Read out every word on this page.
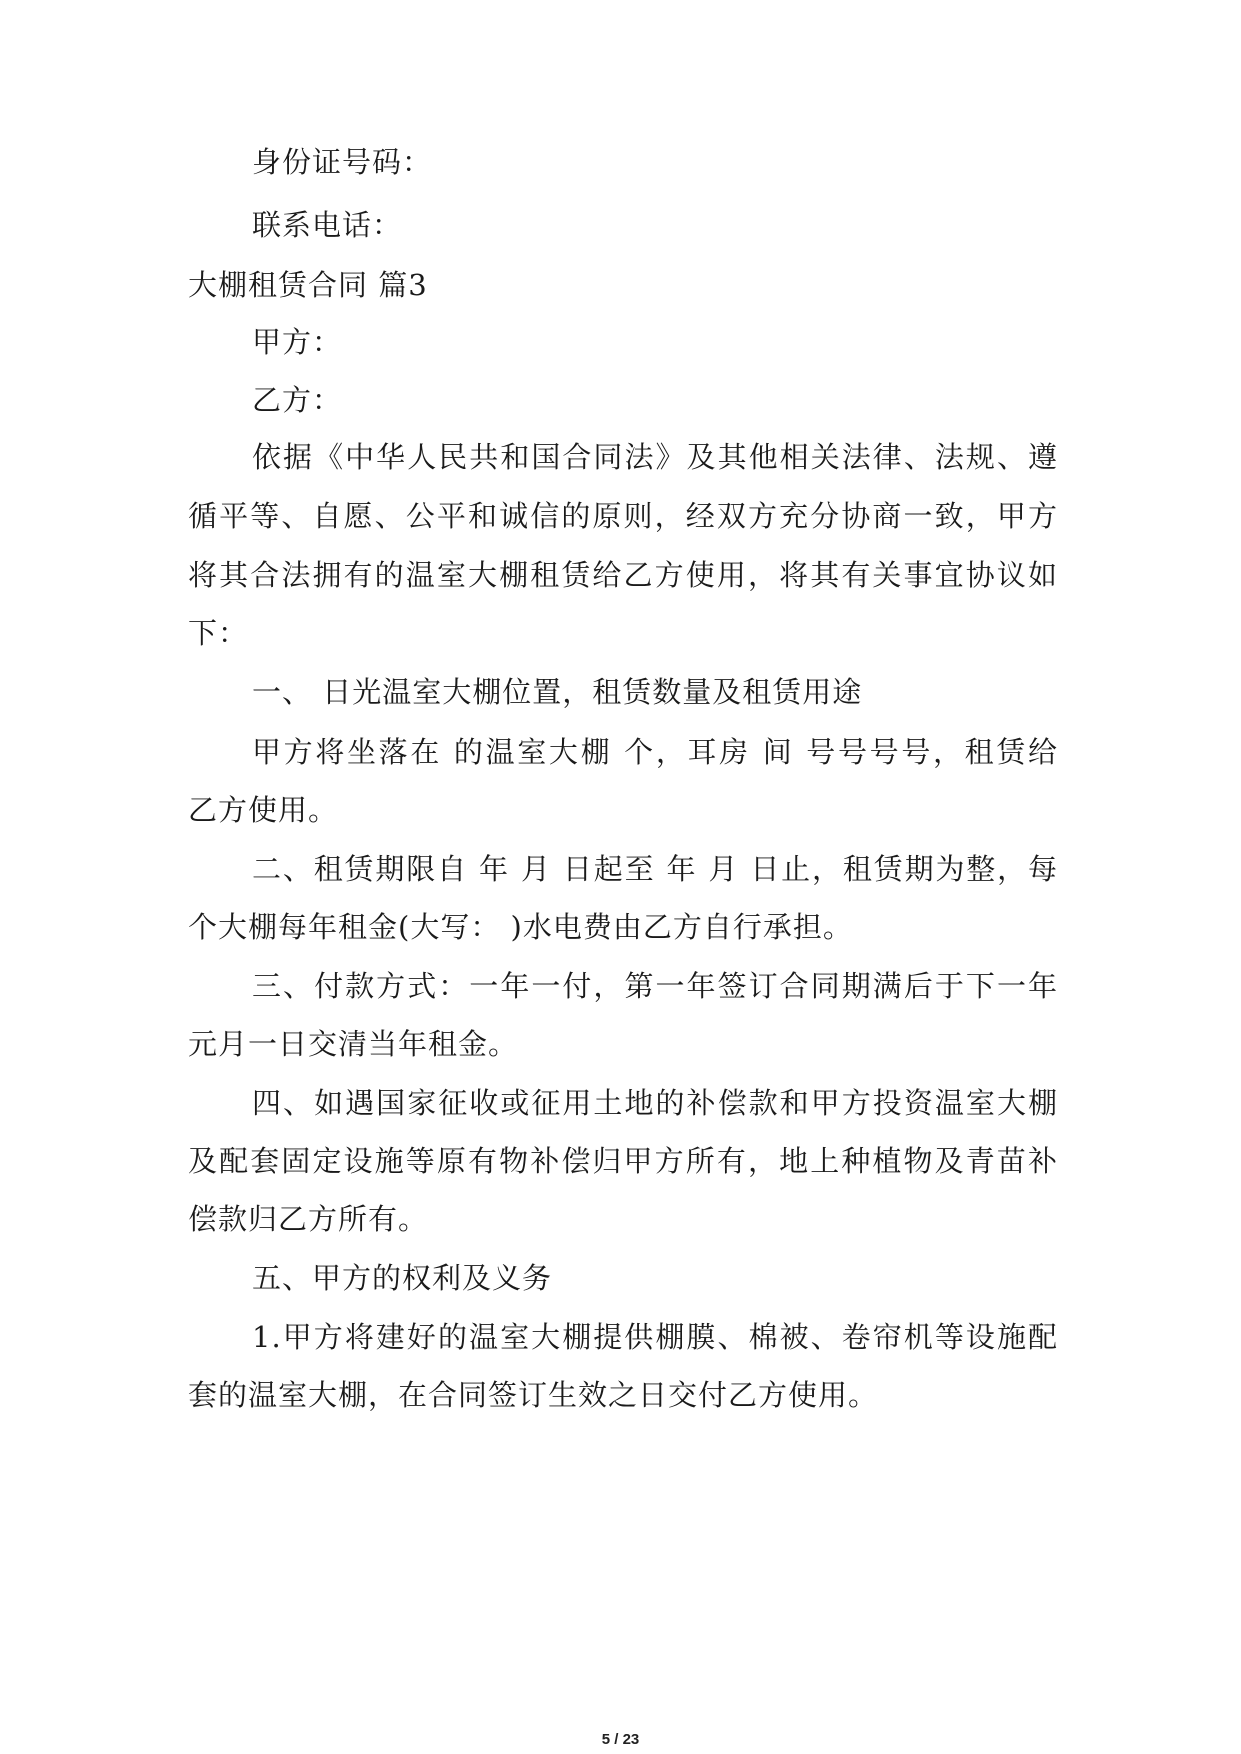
身份证号码：
联系电话：
大棚租赁合同 篇3
甲方：
乙方：
依据《中华人民共和国合同法》及其他相关法律、法规、遵
循平等、自愿、公平和诚信的原则，经双方充分协商一致，甲方
将其合法拥有的温室大棚租赁给乙方使用，将其有关事宜协议如
下：
一、 日光温室大棚位置，租赁数量及租赁用途
甲方将坐落在 的温室大棚 个，耳房 间 号号号号，租赁给
乙方使用。
二、租赁期限自 年 月 日起至 年 月 日止，租赁期为整，每
个大棚每年租金(大写： )水电费由乙方自行承担。
三、付款方式：一年一付，第一年签订合同期满后于下一年
元月一日交清当年租金。
四、如遇国家征收或征用土地的补偿款和甲方投资温室大棚
及配套固定设施等原有物补偿归甲方所有，地上种植物及青苗补
偿款归乙方所有。
五、甲方的权利及义务
1.甲方将建好的温室大棚提供棚膜、棉被、卷帘机等设施配
套的温室大棚，在合同签订生效之日交付乙方使用。
5 / 23
